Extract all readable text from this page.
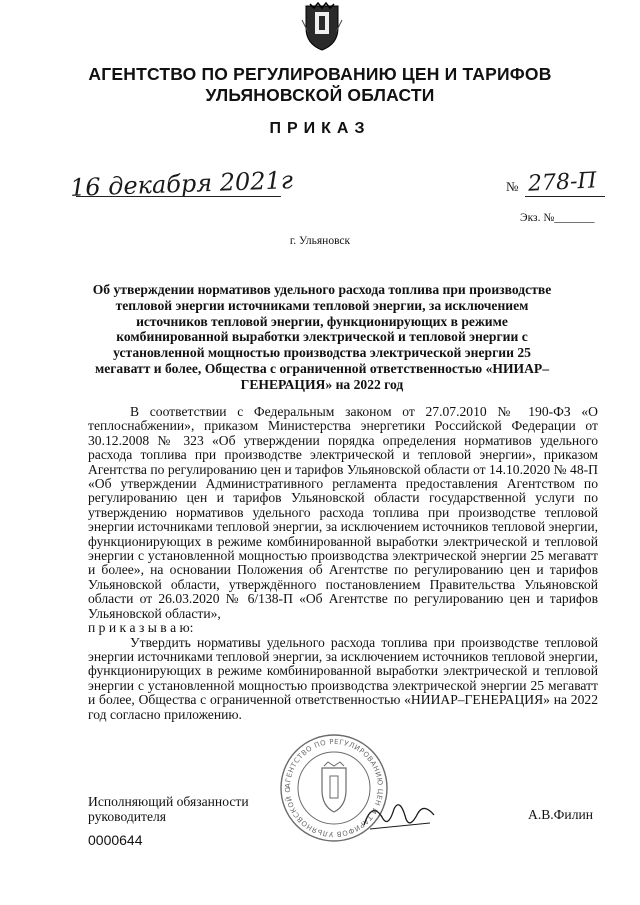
АГЕНТСТВО ПО РЕГУЛИРОВАНИЮ ЦЕН И ТАРИФОВ
УЛЬЯНОВСКОЙ ОБЛАСТИ
ПРИКАЗ
16 декабря 2021г	№ 278-П
Экз. №_______
г. Ульяновск
Об утверждении нормативов удельного расхода топлива при производстве тепловой энергии источниками тепловой энергии, за исключением источников тепловой энергии, функционирующих в режиме комбинированной выработки электрической и тепловой энергии с установленной мощностью производства электрической энергии 25 мегаватт и более, Общества с ограниченной ответственностью «НИИАР–ГЕНЕРАЦИЯ» на 2022 год

В соответствии с Федеральным законом от 27.07.2010 № 190-ФЗ «О теплоснабжении», приказом Министерства энергетики Российской Федерации от 30.12.2008 № 323 «Об утверждении порядка определения нормативов удельного расхода топлива при производстве электрической и тепловой энергии», приказом Агентства по регулированию цен и тарифов Ульяновской области от 14.10.2020 № 48-П «Об утверждении Административного регламента предоставления Агентством по регулированию цен и тарифов Ульяновской области государственной услуги по утверждению нормативов удельного расхода топлива при производстве тепловой энергии источниками тепловой энергии, за исключением источников тепловой энергии, функционирующих в режиме комбинированной выработки электрической и тепловой энергии с установленной мощностью производства электрической энергии 25 мегаватт и более», на основании Положения об Агентстве по регулированию цен и тарифов Ульяновской области, утверждённого постановлением Правительства Ульяновской области от 26.03.2020 № 6/138-П «Об Агентстве по регулированию цен и тарифов Ульяновской области»,

п р и к а з ы в а ю:

Утвердить нормативы удельного расхода топлива при производстве тепловой энергии источниками тепловой энергии, за исключением источников тепловой энергии, функционирующих в режиме комбинированной выработки электрической и тепловой энергии с установленной мощностью производства электрической энергии 25 мегаватт и более, Общества с ограниченной ответственностью «НИИАР–ГЕНЕРАЦИЯ» на 2022 год согласно приложению.

АГЕНТСТВО ПО РЕГУЛИРОВАНИЮ ЦЕН И ТАРИФОВ УЛЬЯНОВСКОЙ О
Исполняющий обязанности
руководителя	А.В.Филин
0000644
